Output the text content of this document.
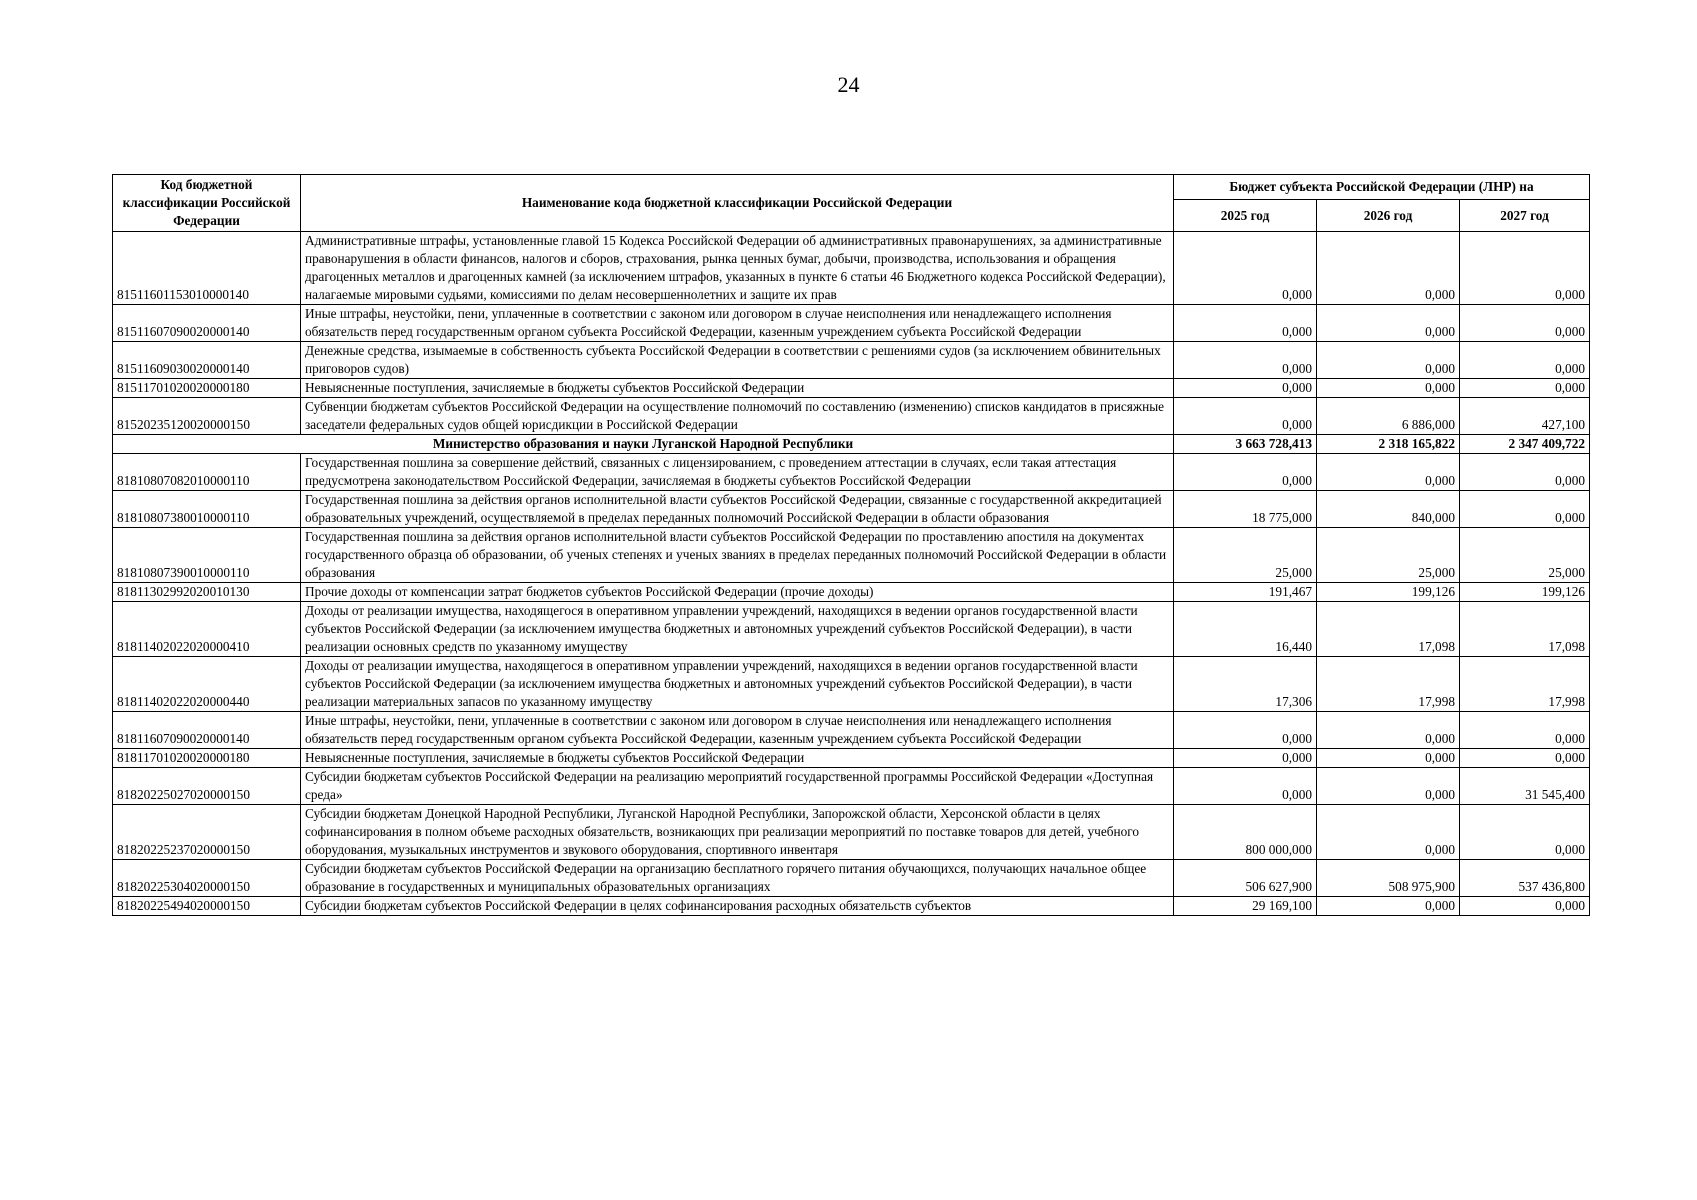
24
Код бюджетной классификации Российской Федерации	Наименование кода бюджетной классификации Российской Федерации	Бюджет субъекта Российской Федерации (ЛНР) на		
		2025 год	2026 год	2027 год
81511601153010000140	Административные штрафы, установленные главой 15 Кодекса Российской Федерации об административных правонарушениях, за административные правонарушения в области финансов, налогов и сборов, страхования, рынка ценных бумаг, добычи, производства, использования и обращения драгоценных металлов и драгоценных камней (за исключением штрафов, указанных в пункте 6 статьи 46 Бюджетного кодекса Российской Федерации), налагаемые мировыми судьями, комиссиями по делам несовершеннолетних и защите их прав	0,000	0,000	0,000
81511607090020000140	Иные штрафы, неустойки, пени, уплаченные в соответствии с законом или договором в случае неисполнения или ненадлежащего исполнения обязательств перед государственным органом субъекта Российской Федерации, казенным учреждением субъекта Российской Федерации	0,000	0,000	0,000
81511609030020000140	Денежные средства, изымаемые в собственность субъекта Российской Федерации в соответствии с решениями судов (за исключением обвинительных приговоров судов)	0,000	0,000	0,000
81511701020020000180	Невыясненные поступления, зачисляемые в бюджеты субъектов Российской Федерации	0,000	0,000	0,000
81520235120020000150	Субвенции бюджетам субъектов Российской Федерации на осуществление полномочий по составлению (изменению) списков кандидатов в присяжные заседатели федеральных судов общей юрисдикции в Российской Федерации	0,000	6 886,000	427,100
Министерство образования и науки Луганской Народной Республики		3 663 728,413	2 318 165,822	2 347 409,722
81810807082010000110	Государственная пошлина за совершение действий, связанных с лицензированием, с проведением аттестации в случаях, если такая аттестация предусмотрена законодательством Российской Федерации, зачисляемая в бюджеты субъектов Российской Федерации	0,000	0,000	0,000
81810807380010000110	Государственная пошлина за действия органов исполнительной власти субъектов Российской Федерации, связанные с государственной аккредитацией образовательных учреждений, осуществляемой в пределах переданных полномочий Российской Федерации в области образования	18 775,000	840,000	0,000
81810807390010000110	Государственная пошлина за действия органов исполнительной власти субъектов Российской Федерации по проставлению апостиля на документах государственного образца об образовании, об ученых степенях и ученых званиях в пределах переданных полномочий Российской Федерации в области образования	25,000	25,000	25,000
81811302992020010130	Прочие доходы от компенсации затрат бюджетов субъектов Российской Федерации (прочие доходы)	191,467	199,126	199,126
81811402022020000410	Доходы от реализации имущества, находящегося в оперативном управлении учреждений, находящихся в ведении органов государственной власти субъектов Российской Федерации (за исключением имущества бюджетных и автономных учреждений субъектов Российской Федерации), в части реализации основных средств по указанному имуществу	16,440	17,098	17,098
81811402022020000440	Доходы от реализации имущества, находящегося в оперативном управлении учреждений, находящихся в ведении органов государственной власти субъектов Российской Федерации (за исключением имущества бюджетных и автономных учреждений субъектов Российской Федерации), в части реализации материальных запасов по указанному имуществу	17,306	17,998	17,998
81811607090020000140	Иные штрафы, неустойки, пени, уплаченные в соответствии с законом или договором в случае неисполнения или ненадлежащего исполнения обязательств перед государственным органом субъекта Российской Федерации, казенным учреждением субъекта Российской Федерации	0,000	0,000	0,000
81811701020020000180	Невыясненные поступления, зачисляемые в бюджеты субъектов Российской Федерации	0,000	0,000	0,000
81820225027020000150	Субсидии бюджетам субъектов Российской Федерации на реализацию мероприятий государственной программы Российской Федерации «Доступная среда»	0,000	0,000	31 545,400
81820225237020000150	Субсидии бюджетам Донецкой Народной Республики, Луганской Народной Республики, Запорожской области, Херсонской области в целях софинансирования в полном объеме расходных обязательств, возникающих при реализации мероприятий по поставке товаров для детей, учебного оборудования, музыкальных инструментов и звукового оборудования, спортивного инвентаря	800 000,000	0,000	0,000
81820225304020000150	Субсидии бюджетам субъектов Российской Федерации на организацию бесплатного горячего питания обучающихся, получающих начальное общее образование в государственных и муниципальных образовательных организациях	506 627,900	508 975,900	537 436,800
81820225494020000150	Субсидии бюджетам субъектов Российской Федерации в целях софинансирования расходных обязательств субъектов	29 169,100	0,000	0,000
